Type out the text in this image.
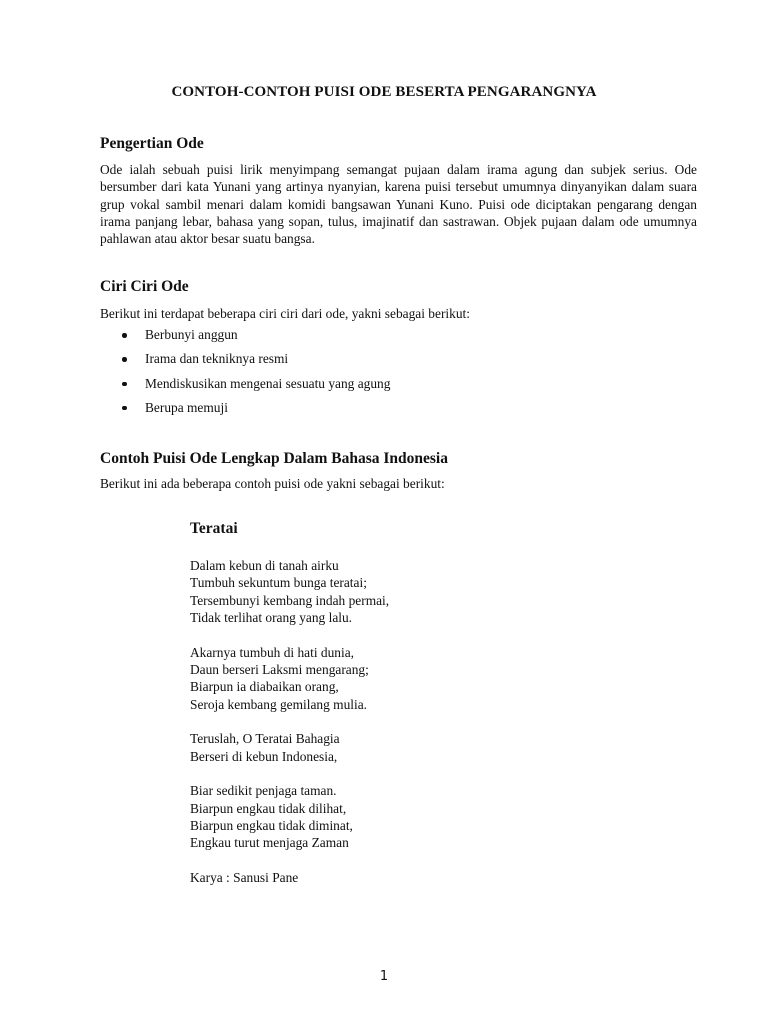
CONTOH-CONTOH PUISI ODE BESERTA PENGARANGNYA
Pengertian Ode

Ode ialah sebuah puisi lirik menyimpang semangat pujaan dalam irama agung dan subjek serius. Ode bersumber dari kata Yunani yang artinya nyanyian, karena puisi tersebut umumnya dinyanyikan dalam suara grup vokal sambil menari dalam komidi bangsawan Yunani Kuno. Puisi ode diciptakan pengarang dengan irama panjang lebar, bahasa yang sopan, tulus, imajinatif dan sastrawan. Objek pujaan dalam ode umumnya pahlawan atau aktor besar suatu bangsa.

Ciri Ciri Ode

Berikut ini terdapat beberapa ciri ciri dari ode, yakni sebagai berikut:

Berbunyi anggun
Irama dan tekniknya resmi
Mendiskusikan mengenai sesuatu yang agung
Berupa memuji
Contoh Puisi Ode Lengkap Dalam Bahasa Indonesia

Berikut ini ada beberapa contoh puisi ode yakni sebagai berikut:

Teratai
Dalam kebun di tanah airku
Tumbuh sekuntum bunga teratai;
Tersembunyi kembang indah permai,
Tidak terlihat orang yang lalu.
Akarnya tumbuh di hati dunia,
Daun berseri Laksmi mengarang;
Biarpun ia diabaikan orang,
Seroja kembang gemilang mulia.
Teruslah, O Teratai Bahagia
Berseri di kebun Indonesia,
Biar sedikit penjaga taman.
Biarpun engkau tidak dilihat,
Biarpun engkau tidak diminat,
Engkau turut menjaga Zaman
Karya : Sanusi Pane
1
